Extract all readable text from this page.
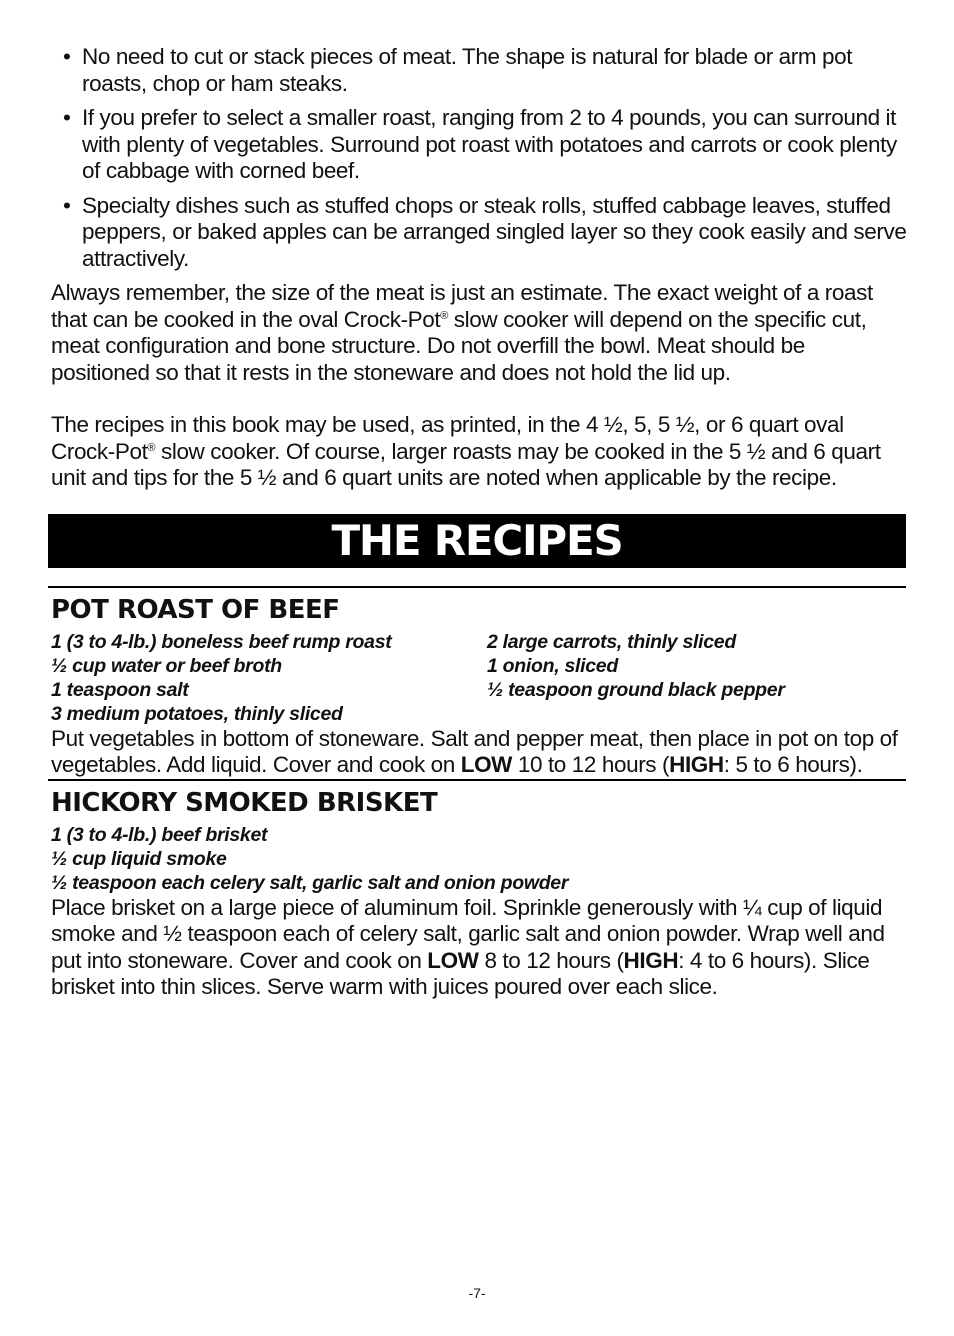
• No need to cut or stack pieces of meat. The shape is natural for blade or arm pot roasts, chop or ham steaks.
• If you prefer to select a smaller roast, ranging from 2 to 4 pounds, you can surround it with plenty of vegetables. Surround pot roast with potatoes and carrots or cook plenty of cabbage with corned beef.
• Specialty dishes such as stuffed chops or steak rolls, stuffed cabbage leaves, stuffed peppers, or baked apples can be arranged singled layer so they cook easily and serve attractively.

Always remember, the size of the meat is just an estimate. The exact weight of a roast that can be cooked in the oval Crock-Pot® slow cooker will depend on the specific cut, meat configuration and bone structure. Do not overfill the bowl. Meat should be positioned so that it rests in the stoneware and does not hold the lid up.

The recipes in this book may be used, as printed, in the 4 ½, 5, 5 ½, or 6 quart oval Crock-Pot® slow cooker. Of course, larger roasts may be cooked in the 5 ½ and 6 quart unit and tips for the 5 ½ and 6 quart units are noted when applicable by the recipe.

THE RECIPES
POT ROAST OF BEEF
1 (3 to 4-lb.) boneless beef rump roast	2 large carrots, thinly sliced
½ cup water or beef broth	1 onion, sliced
1 teaspoon salt	½ teaspoon ground black pepper
3 medium potatoes, thinly sliced

Put vegetables in bottom of stoneware. Salt and pepper meat, then place in pot on top of vegetables. Add liquid. Cover and cook on LOW 10 to 12 hours (HIGH: 5 to 6 hours).

HICKORY SMOKED BRISKET
1 (3 to 4-lb.) beef brisket
½ cup liquid smoke
½ teaspoon each celery salt, garlic salt and onion powder

Place brisket on a large piece of aluminum foil. Sprinkle generously with ¼ cup of liquid smoke and ½ teaspoon each of celery salt, garlic salt and onion powder. Wrap well and put into stoneware. Cover and cook on LOW 8 to 12 hours (HIGH: 4 to 6 hours). Slice brisket into thin slices. Serve warm with juices poured over each slice.

-7-
